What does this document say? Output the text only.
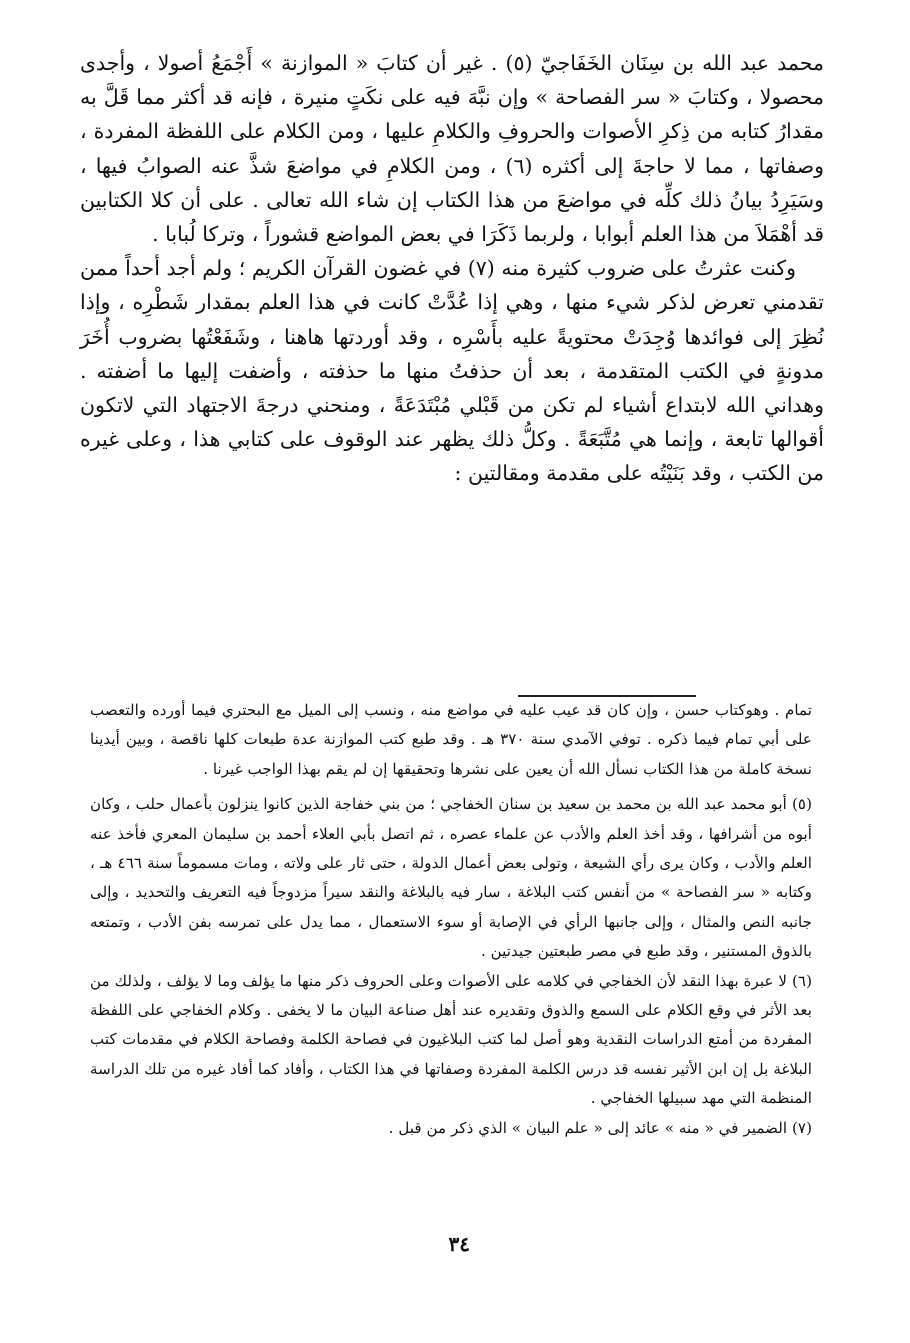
محمد عبد الله بن سِنَان الخَفَاجيّ (٥) . غير أن كتابَ « الموازنة » أَجْمَعُ أصولا ، وأجدى محصولا ، وكتابَ « سر الفصاحة » وإن نبَّهَ فيه على نكَتٍ منيرة ، فإنه قد أكثر مما قَلَّ به مقدارُ كتابه من ذِكرِ الأصوات والحروفِ والكلامِ عليها ، ومن الكلام على اللفظة المفردة ، وصفاتها ، مما لا حاجةَ إلى أكثره (٦) ، ومن الكلامِ في مواضعَ شذَّ عنه الصوابُ فيها ، وسَيَرِدُ بيانُ ذلك كلِّه في مواضعَ من هذا الكتاب إن شاء الله تعالى . على أن كلا الكتابين قد أهْمَلاَ من هذا العلم أبوابا ، ولربما ذَكَرَا في بعض المواضع قشوراً ، وتركا لُبابا .

وكنت عثرتُ على ضروب كثيرة منه (٧) في غضون القرآن الكريم ؛ ولم أجد أحداً ممن تقدمني تعرض لذكر شيء منها ، وهي إذا عُدَّتْ كانت في هذا العلم بمقدار شَطْرِه ، وإذا نُظِرَ إلى فوائدها وُجِدَتْ محتويةً عليه بأَسْرِه ، وقد أوردتها هاهنا ، وشَفَعْتُها بضروب أُخَرَ مدونةٍ في الكتب المتقدمة ، بعد أن حذفتُ منها ما حذفته ، وأضفت إليها ما أضفته . وهداني الله لابتداع أشياء لم تكن من قَبْلي مُبْتَدَعَةً ، ومنحني درجةَ الاجتهاد التي لاتكون أقوالها تابعة ، وإنما هي مُتَّبَعَةً . وكلُّ ذلك يظهر عند الوقوف على كتابي هذا ، وعلى غيره من الكتب ، وقد بَنَيْتُه على مقدمة ومقالتين :

تمام . وهوكتاب حسن ، وإن كان قد عيب عليه في مواضع منه ، ونسب إلى الميل مع البحتري فيما أورده والتعصب على أبي تمام فيما ذكره . توفي الآمدي سنة ٣٧٠ هـ . وقد طبع كتب الموازنة عدة طبعات كلها ناقصة ، وبين أيدينا نسخة كاملة من هذا الكتاب نسأل الله أن يعين على نشرها وتحقيقها إن لم يقم بهذا الواجب غيرنا .

(٥) أبو محمد عبد الله بن محمد بن سعيد بن سنان الخفاجي ؛ من بني خفاجة الذين كانوا ينزلون بأعمال حلب ، وكان أبوه من أشرافها ، وقد أخذ العلم والأدب عن علماء عصره ، ثم اتصل بأبي العلاء أحمد بن سليمان المعري فأخذ عنه العلم والأدب ، وكان يرى رأي الشيعة ، وتولى بعض أعمال الدولة ، حتى ثار على ولاته ، ومات مسموماً سنة ٤٦٦ هـ ، وكتابه « سر الفصاحة » من أنفس كتب البلاغة ، سار فيه بالبلاغة والنقد سيراً مزدوجاً فيه التعريف والتحديد ، وإلى جانبه النص والمثال ، وإلى جانبها الرأي في الإصابة أو سوء الاستعمال ، مما يدل على تمرسه بفن الأدب ، وتمتعه بالذوق المستنير ، وقد طبع في مصر طبعتين جيدتين .

(٦) لا عبرة بهذا النقد لأن الخفاجي في كلامه على الأصوات وعلى الحروف ذكر منها ما يؤلف وما لا يؤلف ، ولذلك من بعد الأثر في وقع الكلام على السمع والذوق وتقديره عند أهل صناعة البيان ما لا يخفى . وكلام الخفاجي على اللفظة المفردة من أمتع الدراسات النقدية وهو أصل لما كتب البلاغيون في فصاحة الكلمة وفصاحة الكلام في مقدمات كتب البلاغة بل إن ابن الأثير نفسه قد درس الكلمة المفردة وصفاتها في هذا الكتاب ، وأفاد كما أفاد غيره من تلك الدراسة المنظمة التي مهد سبيلها الخفاجي .

(٧) الضمير في « منه » عائد إلى « علم البيان » الذي ذكر من قبل .

٣٤
